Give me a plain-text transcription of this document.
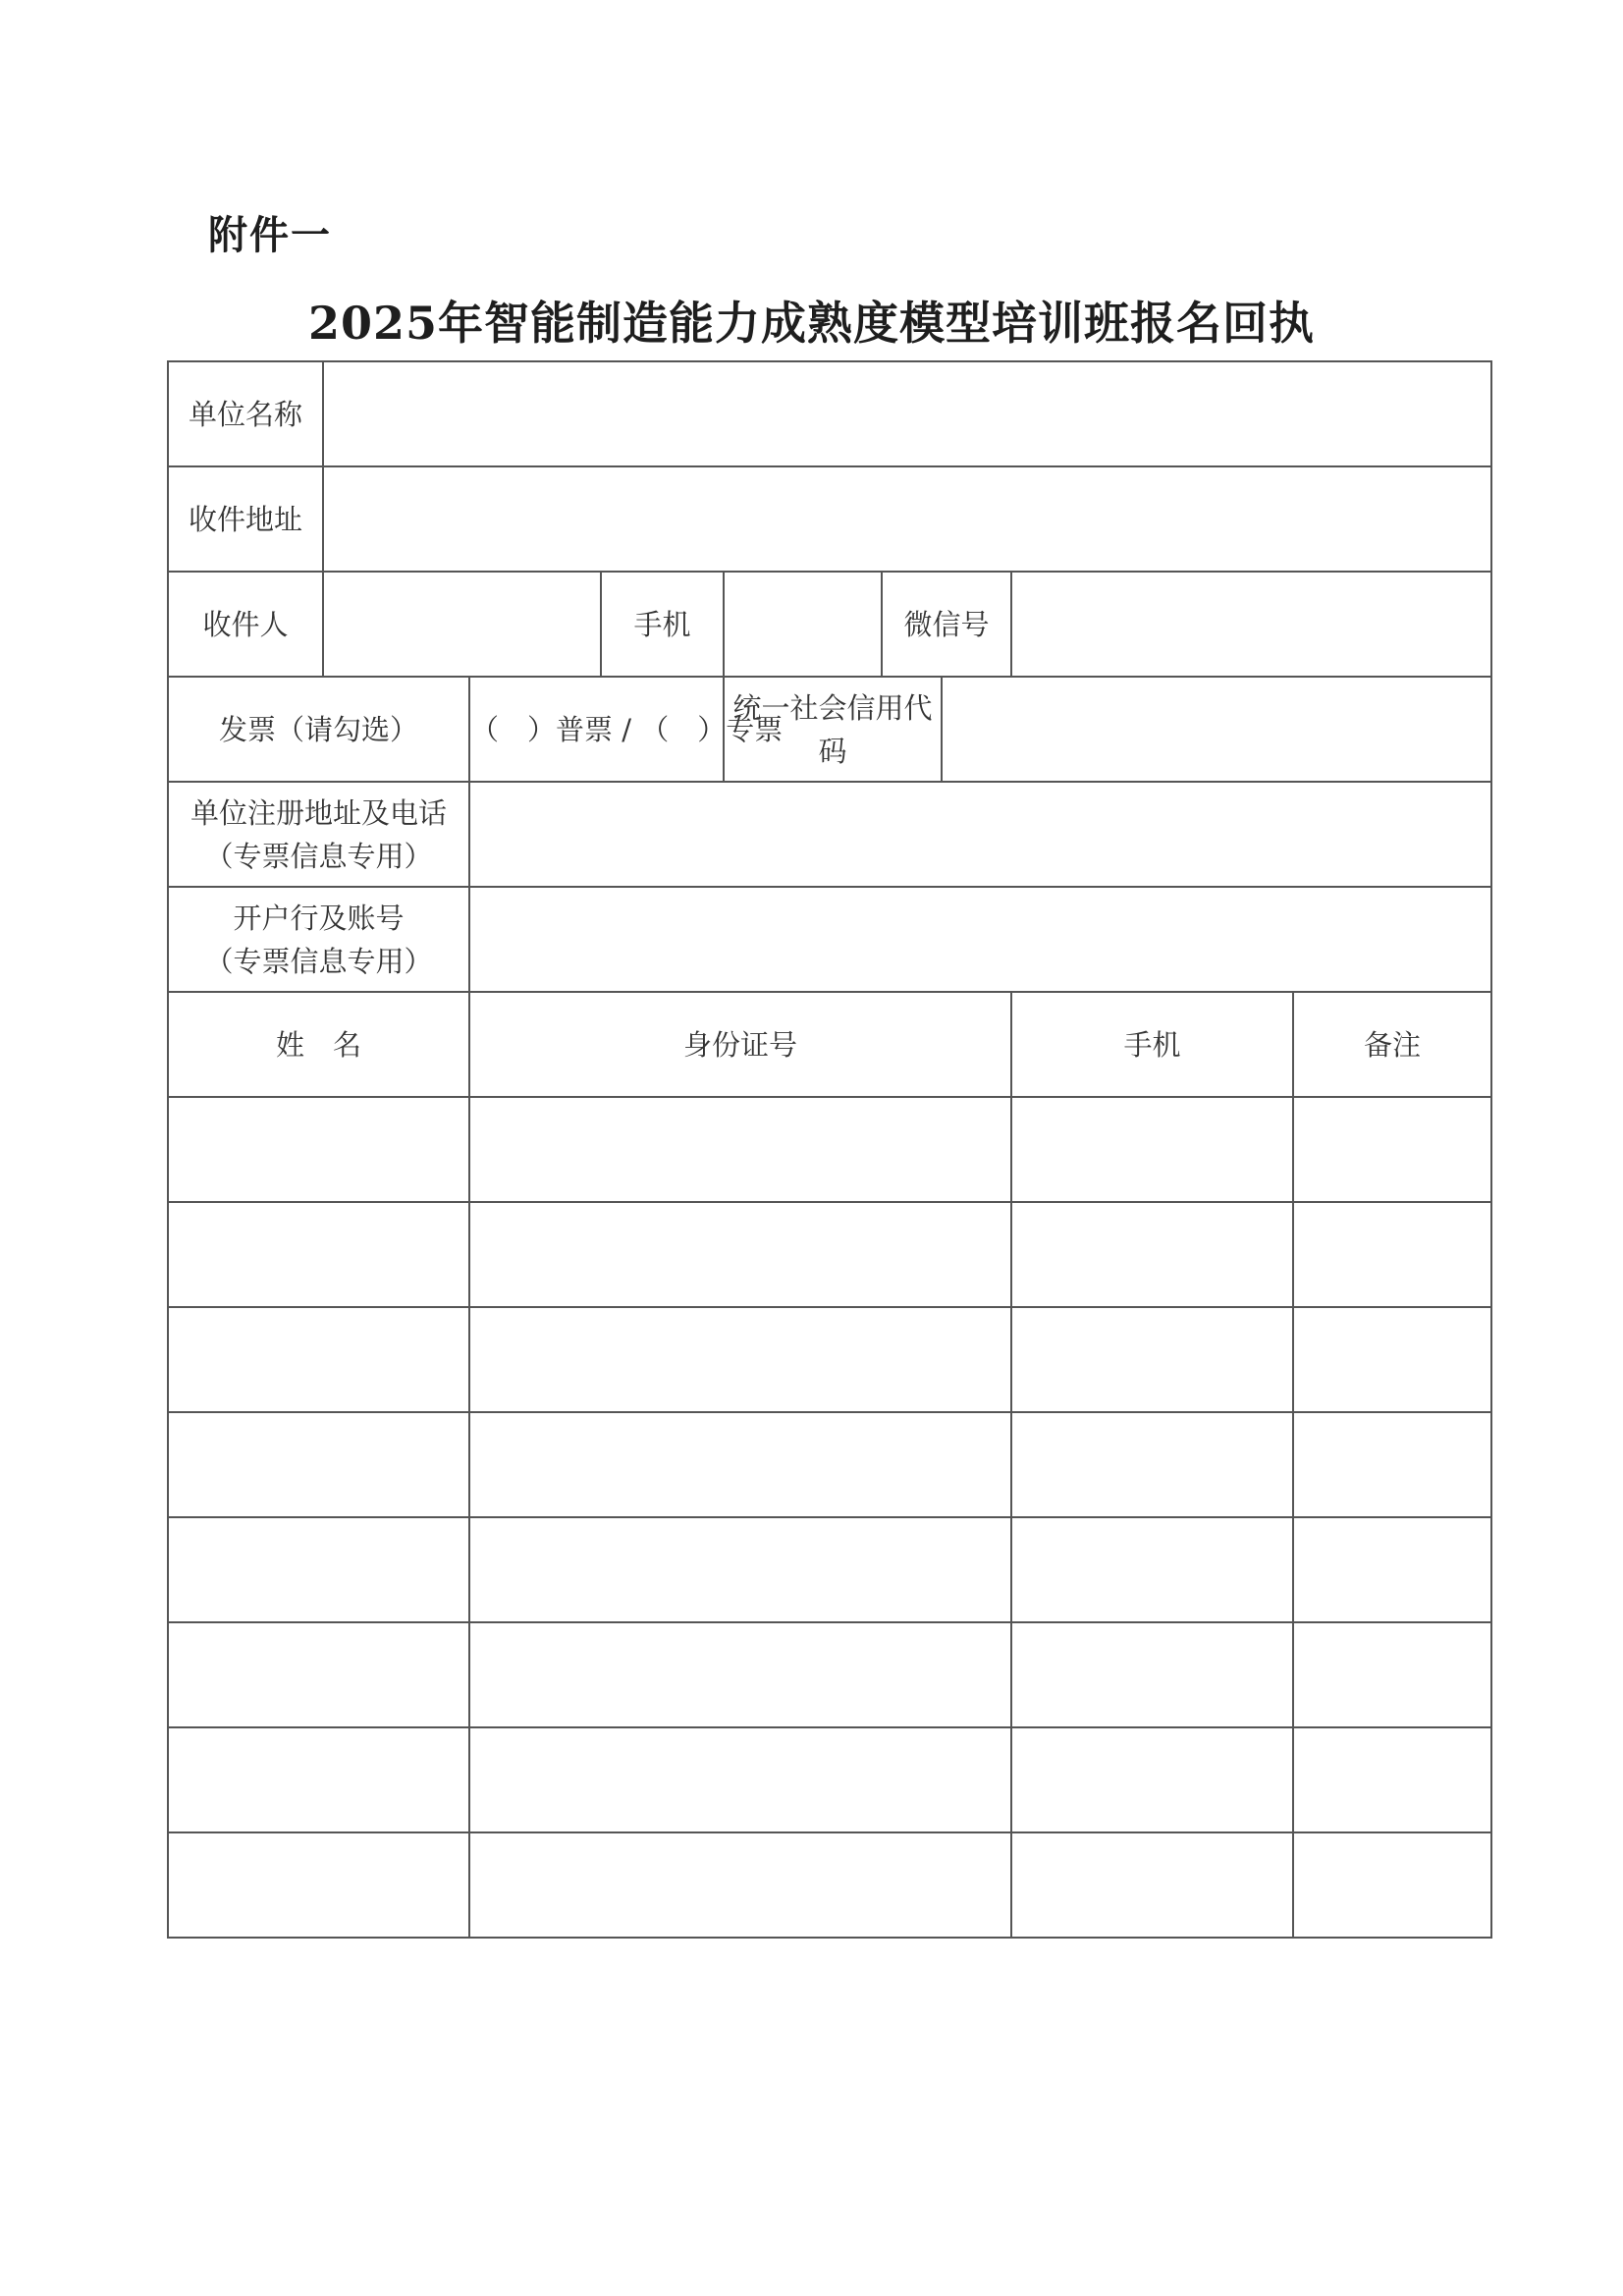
附件一
2025年智能制造能力成熟度模型培训班报名回执
单位名称								
收件地址								
收件人			手机		微信号			
发票（请勾选）		（　）普票 / （　）专票		统一社会信用代码				

单位注册地址及电话
（专票信息专用）								

开户行及账号
（专票信息专用）								

姓　名		身份证号					手机	备注
